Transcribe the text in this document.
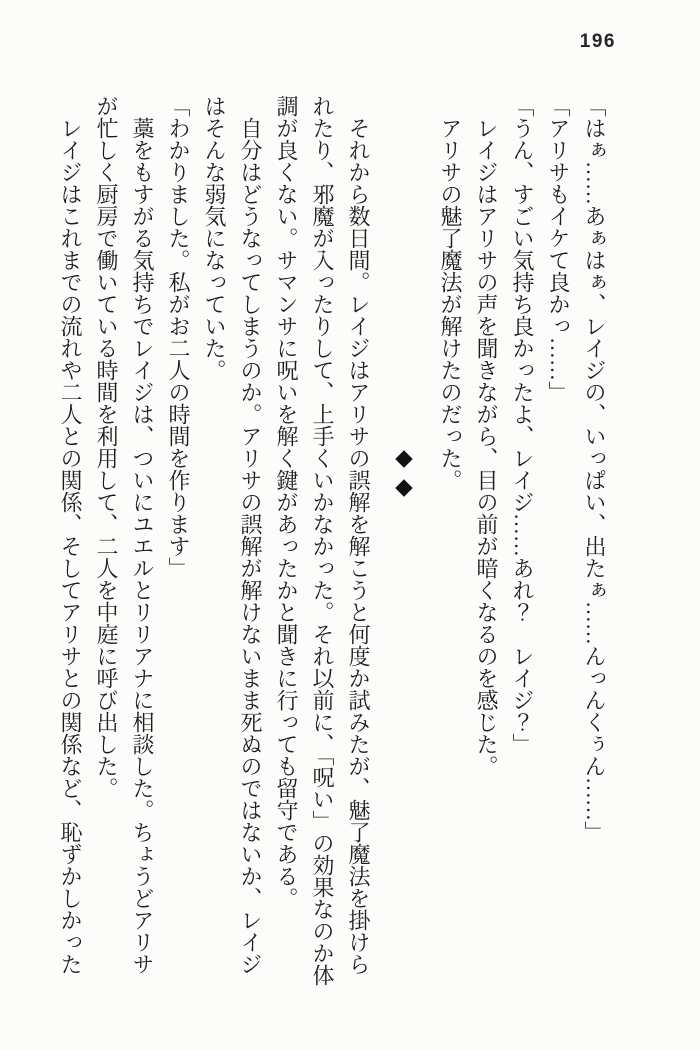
196

「はぁ……あぁはぁ、レイジの、いっぱい、出たぁ……んっんくぅん……」

「アリサもイケて良かっ……」

「うん、すごい気持ち良かったよ、レイジ……あれ？　レイジ？」

レイジはアリサの声を聞きながら、目の前が暗くなるのを感じた。

アリサの魅了魔法が解けたのだった。

◆◆

それから数日間。レイジはアリサの誤解を解こうと何度か試みたが、魅了魔法を掛けら

れたり、邪魔が入ったりして、上手くいかなかった。それ以前に、「呪い」の効果なのか体

調が良くない。サマンサに呪いを解く鍵があったかと聞きに行っても留守である。

自分はどうなってしまうのか。アリサの誤解が解けないまま死ぬのではないか、レイジ

はそんな弱気になっていた。

「わかりました。私がお二人の時間を作ります」

藁をもすがる気持ちでレイジは、ついにユエルとリリアナに相談した。ちょうどアリサ

が忙しく厨房で働いている時間を利用して、二人を中庭に呼び出した。

レイジはこれまでの流れや二人との関係、そしてアリサとの関係など、恥ずかしかった
